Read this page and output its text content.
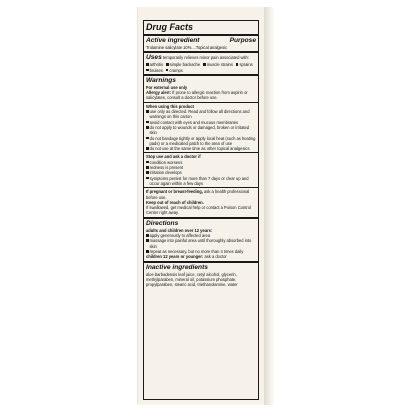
Drug Facts
Active ingredient	Purpose
Trolamine salicylate 10%....Topical analgesic
Uses temporarily relieves minor pain associated with:
arthritis	simple backache	muscle strains	sprains
bruises	cramps
Warnings
For external use only
Allergy alert: If prone to allergic reaction from aspirin or salicylates, consult a doctor before use.
When using this product
use only as directed. Read and follow all directions and warnings on this carton
avoid contact with eyes and mucous membranes
do not apply to wounds or damaged, broken or irritated skin
do not bandage tightly or apply local heat (such as heating pads) or a medicated patch to the area of use
do not use at the same time as other topical analgesics
Stop use and ask a doctor if
condition worsens
redness is present
irritation develops
symptoms persist for more than 7 days or clear up and occur again within a few days
If pregnant or breast-feeding, ask a health professional before use.
Keep out of reach of children.
If swallowed, get medical help or contact a Poison Control Center right away.
Directions
adults and children over 12 years:
apply generously to affected area
massage into painful area until thoroughly absorbed into skin
repeat as necessary, but no more than 4 times daily
children 12 years or younger: ask a doctor
Inactive ingredients
aloe barbadensis leaf juice, cetyl alcohol, glycerin, methylparaben, mineral oil, potassium phosphate, propylparaben, stearic acid, triethanolamine, water
